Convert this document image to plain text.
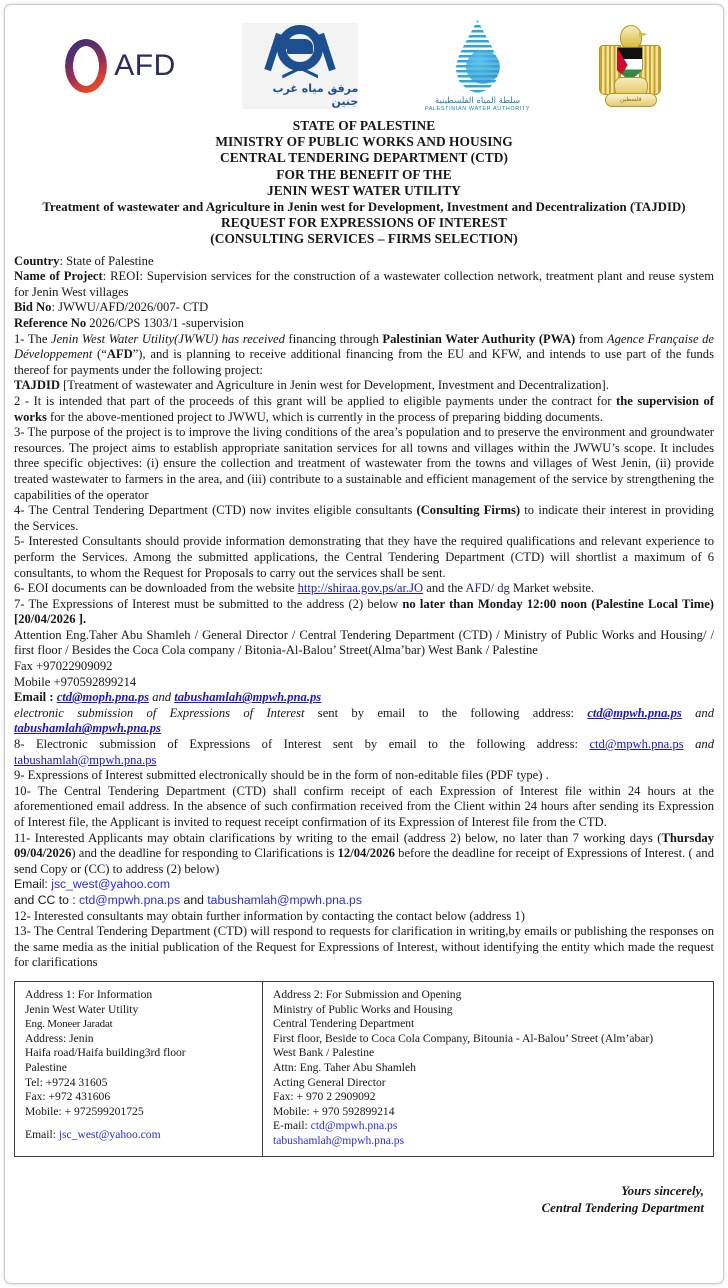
AFD
مرفق مياه غرب جنين	سلطة المياه الفلسطينية
PALESTINIAN WATER AUTHORITY
فلسطين
STATE OF PALESTINE
MINISTRY OF PUBLIC WORKS AND HOUSING
CENTRAL TENDERING DEPARTMENT (CTD)
FOR THE BENEFIT OF THE
JENIN WEST WATER UTILITY
Treatment of wastewater and Agriculture in Jenin west for Development, Investment and Decentralization (TAJDID)
REQUEST FOR EXPRESSIONS OF INTEREST
(CONSULTING SERVICES – FIRMS SELECTION)

Country: State of Palestine

Name of Project: REOI: Supervision services for the construction of a wastewater collection network, treatment plant and reuse system for Jenin West villages

Bid No: JWWU/AFD/2026/007- CTD

Reference No 2026/CPS 1303/1 -supervision

1- The Jenin West Water Utility(JWWU) has received financing through Palestinian Water Authurity (PWA) from Agence Française de Développement (“AFD”), and is planning to receive additional financing from the EU and KFW, and intends to use part of the funds thereof for payments under the following project:

TAJDID [Treatment of wastewater and Agriculture in Jenin west for Development, Investment and Decentralization].

2 - It is intended that part of the proceeds of this grant will be applied to eligible payments under the contract for the supervision of works for the above-mentioned project to JWWU, which is currently in the process of preparing bidding documents.

3- The purpose of the project is to improve the living conditions of the area’s population and to preserve the environment and groundwater resources. The project aims to establish appropriate sanitation services for all towns and villages within the JWWU’s scope. It includes three specific objectives: (i) ensure the collection and treatment of wastewater from the towns and villages of West Jenin, (ii) provide treated wastewater to farmers in the area, and (iii) contribute to a sustainable and efficient management of the service by strengthening the capabilities of the operator

4- The Central Tendering Department (CTD) now invites eligible consultants (Consulting Firms) to indicate their interest in providing the Services.

5- Interested Consultants should provide information demonstrating that they have the required qualifications and relevant experience to perform the Services. Among the submitted applications, the Central Tendering Department (CTD) will shortlist a maximum of 6 consultants, to whom the Request for Proposals to carry out the services shall be sent.

6- EOI documents can be downloaded from the website http://shiraa.gov.ps/ar.JO and the AFD/ dg Market website.

7- The Expressions of Interest must be submitted to the address (2) below no later than Monday 12:00 noon (Palestine Local Time) [20/04/2026 ].

Attention Eng.Taher Abu Shamleh / General Director / Central Tendering Department (CTD) / Ministry of Public Works and Housing/ / first floor / Besides the Coca Cola company / Bitonia-Al-Balou’ Street(Alma’bar) West Bank / Palestine

Fax +97022909092

Mobile +970592899214

Email : ctd@moph.pna.ps and tabushamlah@mpwh.pna.ps

electronic submission of Expressions of Interest sent by email to the following address: ctd@mpwh.pna.ps and tabushamlah@mpwh.pna.ps

8- Electronic submission of Expressions of Interest sent by email to the following address: ctd@mpwh.pna.ps and tabushamlah@mpwh.pna.ps

9- Expressions of Interest submitted electronically should be in the form of non-editable files (PDF type) .

10- The Central Tendering Department (CTD) shall confirm receipt of each Expression of Interest file within 24 hours at the aforementioned email address. In the absence of such confirmation received from the Client within 24 hours after sending its Expression of Interest file, the Applicant is invited to request receipt confirmation of its Expression of Interest file from the CTD.

11- Interested Applicants may obtain clarifications by writing to the email (address 2) below, no later than 7 working days (Thursday 09/04/2026) and the deadline for responding to Clarifications is 12/04/2026 before the deadline for receipt of Expressions of Interest. ( and send Copy or (CC) to address (2) below)

Email: jsc_west@yahoo.com

and CC to : ctd@mpwh.pna.ps and tabushamlah@mpwh.pna.ps

12- Interested consultants may obtain further information by contacting the contact below (address 1)

13- The Central Tendering Department (CTD) will respond to requests for clarification in writing,by emails or publishing the responses on the same media as the initial publication of the Request for Expressions of Interest, without identifying the entity which made the request for clarifications

Address 1: For Information
Jenin West Water Utility
Eng. Moneer Jaradat
Address: Jenin
Haifa road/Haifa building3rd floor
Palestine
Tel: +9724 31605
Fax: +972 431606
Mobile: + 972599201725
Email: jsc_west@yahoo.com
Address 2: For Submission and Opening
Ministry of Public Works and Housing
Central Tendering Department
First floor, Beside to Coca Cola Company, Bitounia - Al-Balou’ Street (Alm’abar)
West Bank / Palestine
Attn: Eng. Taher Abu Shamleh
Acting General Director
Fax: + 970 2 2909092
Mobile: + 970 592899214
E-mail: ctd@mpwh.pna.ps
tabushamlah@mpwh.pna.ps
Yours sincerely,
Central Tendering Department
